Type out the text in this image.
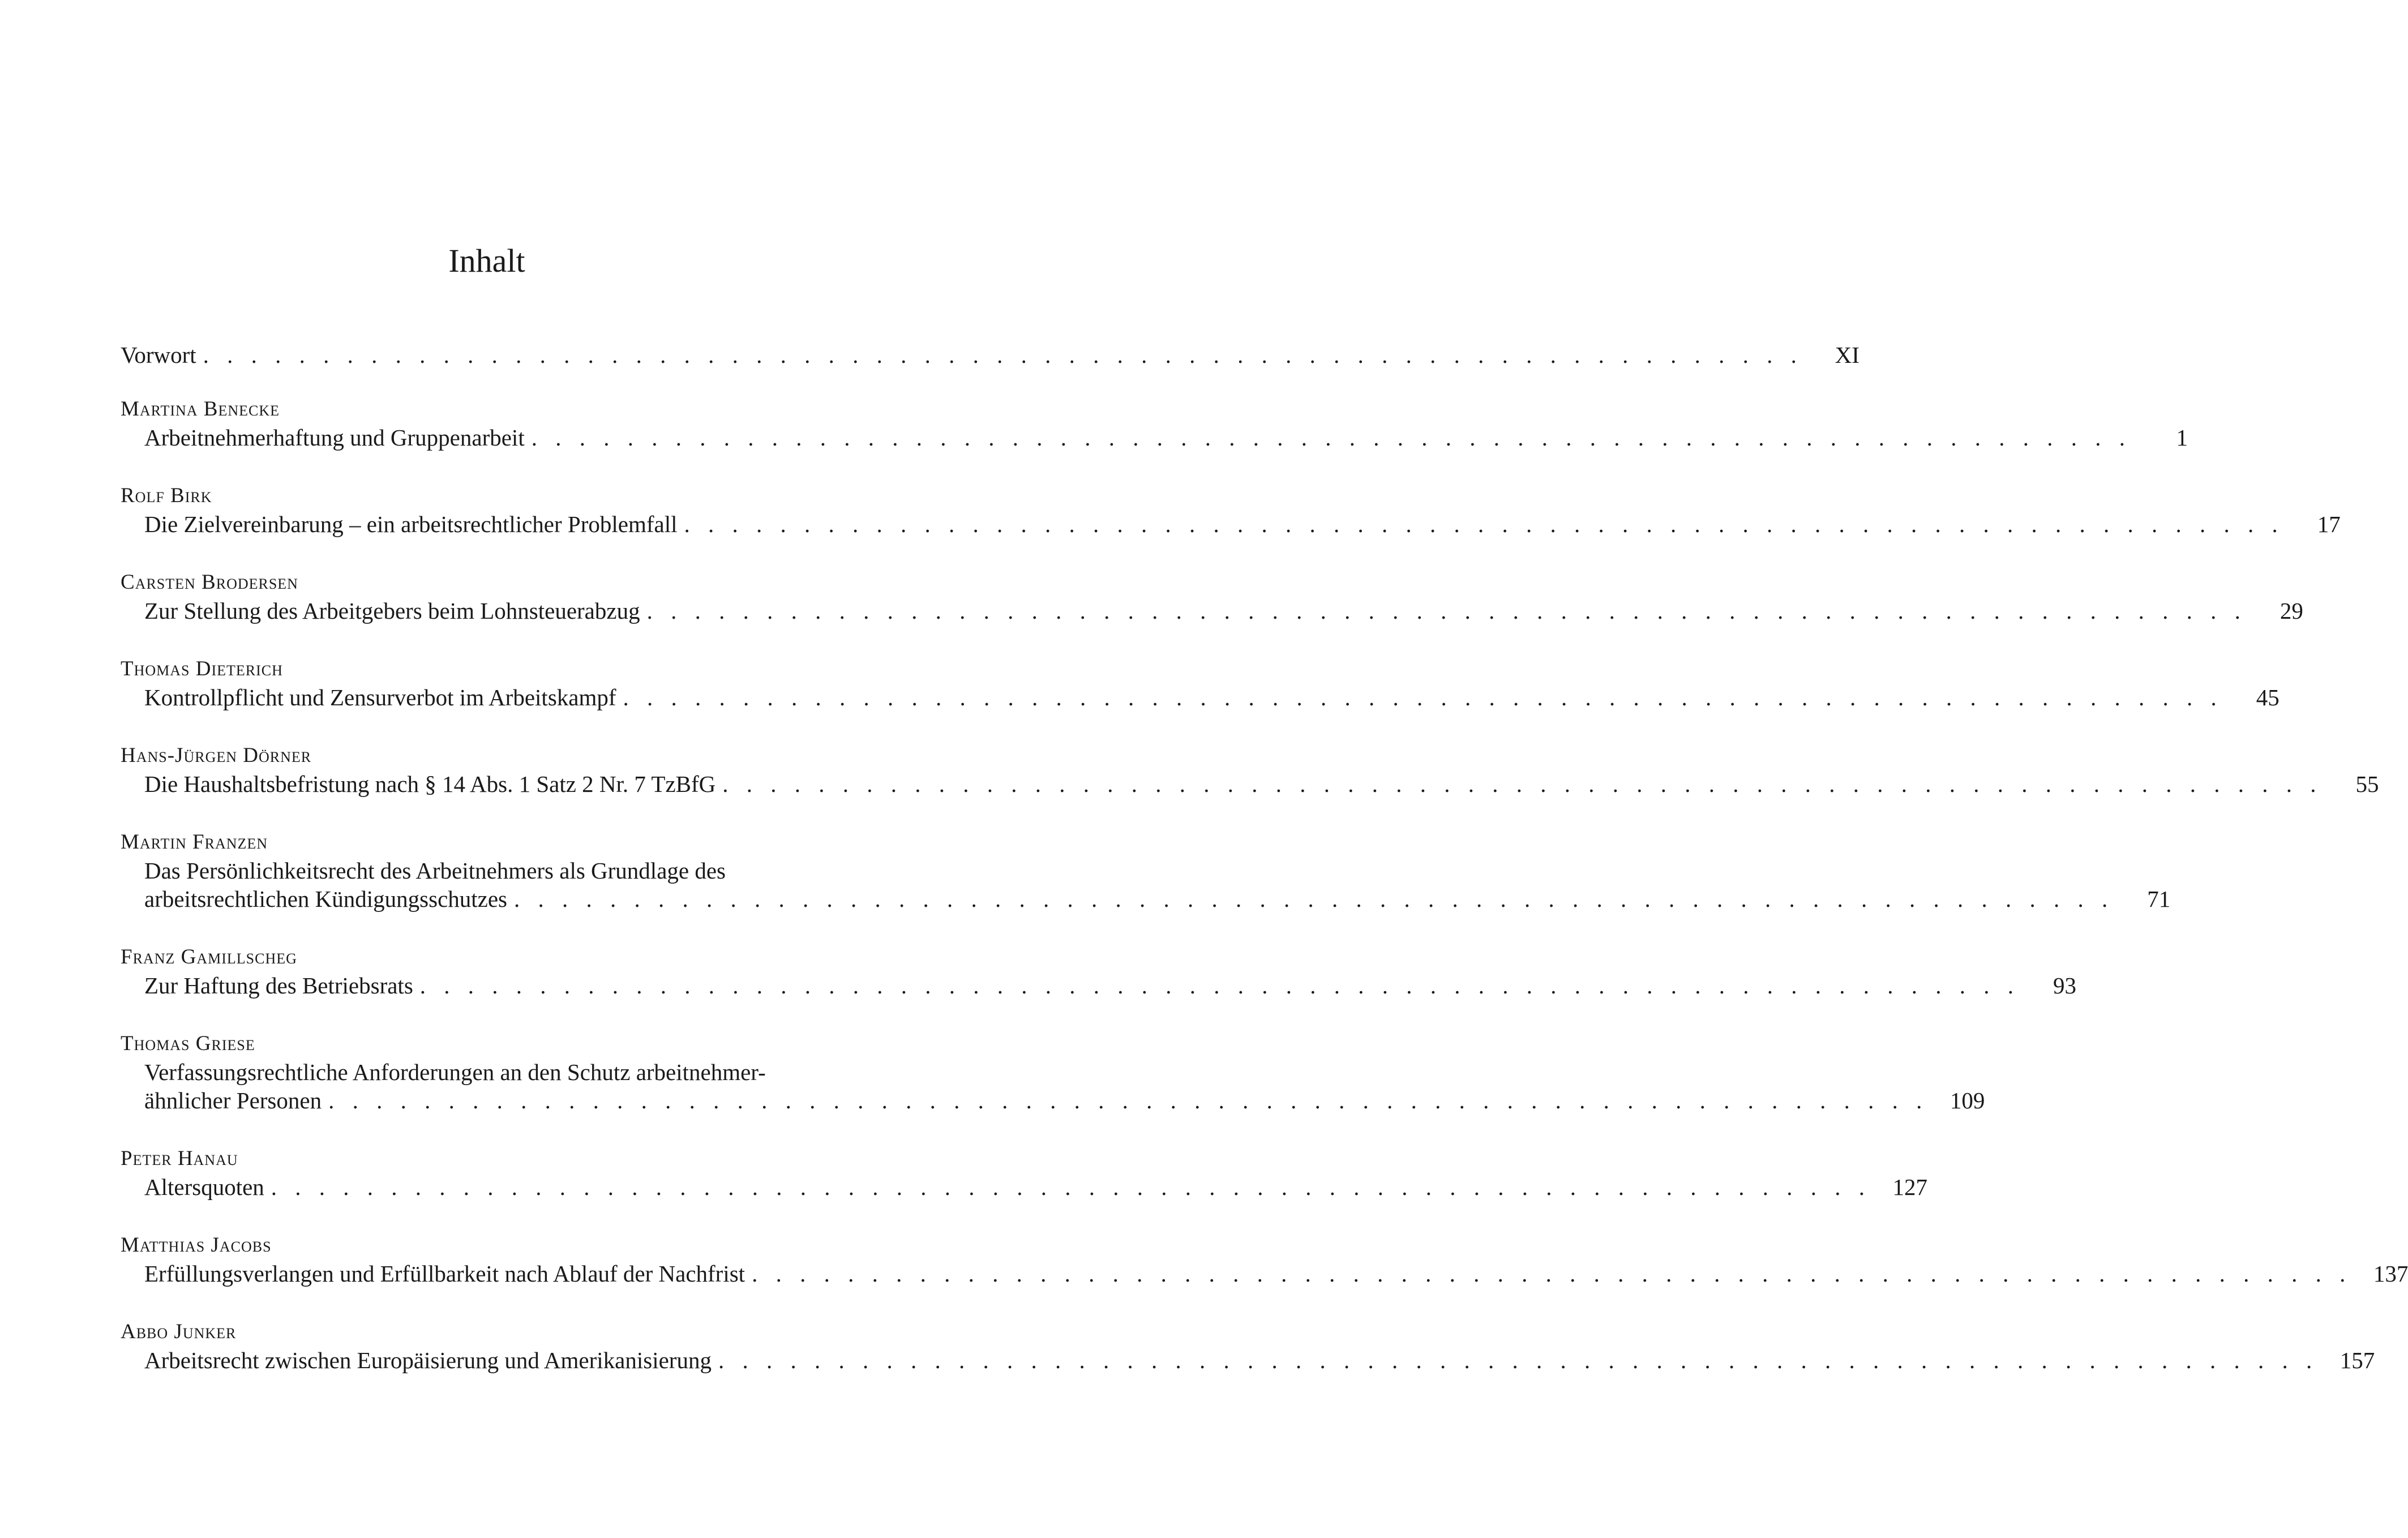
Inhalt
Vorwort . . . . . . . . . . . . . . . . . . . . . . . . . . . . . . . . . . . . . . . . . . . . . . . . . . . . . . . . . . . . . . . . . . .	XI
Martina Benecke
Arbeitnehmerhaftung und Gruppenarbeit . . . . . . . . . . . . . . . . . . . . . . . . . . . . . . . . . . . . . . . . . . . . . . . . . . . . . . . . . . . . . . . . . . .	1
Rolf Birk
Die Zielvereinbarung – ein arbeitsrechtlicher Problemfall . . . . . . . . . . . . . . . . . . . . . . . . . . . . . . . . . . . . . . . . . . . . . . . . . . . . . . . . . . . . . . . . . . .	17
Carsten Brodersen
Zur Stellung des Arbeitgebers beim Lohnsteuerabzug . . . . . . . . . . . . . . . . . . . . . . . . . . . . . . . . . . . . . . . . . . . . . . . . . . . . . . . . . . . . . . . . . . .	29
Thomas Dieterich
Kontrollpflicht und Zensurverbot im Arbeitskampf . . . . . . . . . . . . . . . . . . . . . . . . . . . . . . . . . . . . . . . . . . . . . . . . . . . . . . . . . . . . . . . . . . .	45
Hans-Jürgen Dörner
Die Haushaltsbefristung nach § 14 Abs. 1 Satz 2 Nr. 7 TzBfG . . . . . . . . . . . . . . . . . . . . . . . . . . . . . . . . . . . . . . . . . . . . . . . . . . . . . . . . . . . . . . . . . . .	55
Martin Franzen
Das Persönlichkeitsrecht des Arbeitnehmers als Grundlage des
arbeitsrechtlichen Kündigungsschutzes . . . . . . . . . . . . . . . . . . . . . . . . . . . . . . . . . . . . . . . . . . . . . . . . . . . . . . . . . . . . . . . . . . .	71
Franz Gamillscheg
Zur Haftung des Betriebsrats . . . . . . . . . . . . . . . . . . . . . . . . . . . . . . . . . . . . . . . . . . . . . . . . . . . . . . . . . . . . . . . . . . .	93
Thomas Griese
Verfassungsrechtliche Anforderungen an den Schutz arbeitnehmer-
ähnlicher Personen . . . . . . . . . . . . . . . . . . . . . . . . . . . . . . . . . . . . . . . . . . . . . . . . . . . . . . . . . . . . . . . . . . . 109
Peter Hanau
Altersquoten . . . . . . . . . . . . . . . . . . . . . . . . . . . . . . . . . . . . . . . . . . . . . . . . . . . . . . . . . . . . . . . . . . . 127
Matthias Jacobs
Erfüllungsverlangen und Erfüllbarkeit nach Ablauf der Nachfrist . . . . . . . . . . . . . . . . . . . . . . . . . . . . . . . . . . . . . . . . . . . . . . . . . . . . . . . . . . . . . . . . . . . 137
Abbo Junker
Arbeitsrecht zwischen Europäisierung und Amerikanisierung . . . . . . . . . . . . . . . . . . . . . . . . . . . . . . . . . . . . . . . . . . . . . . . . . . . . . . . . . . . . . . . . . . . 157
